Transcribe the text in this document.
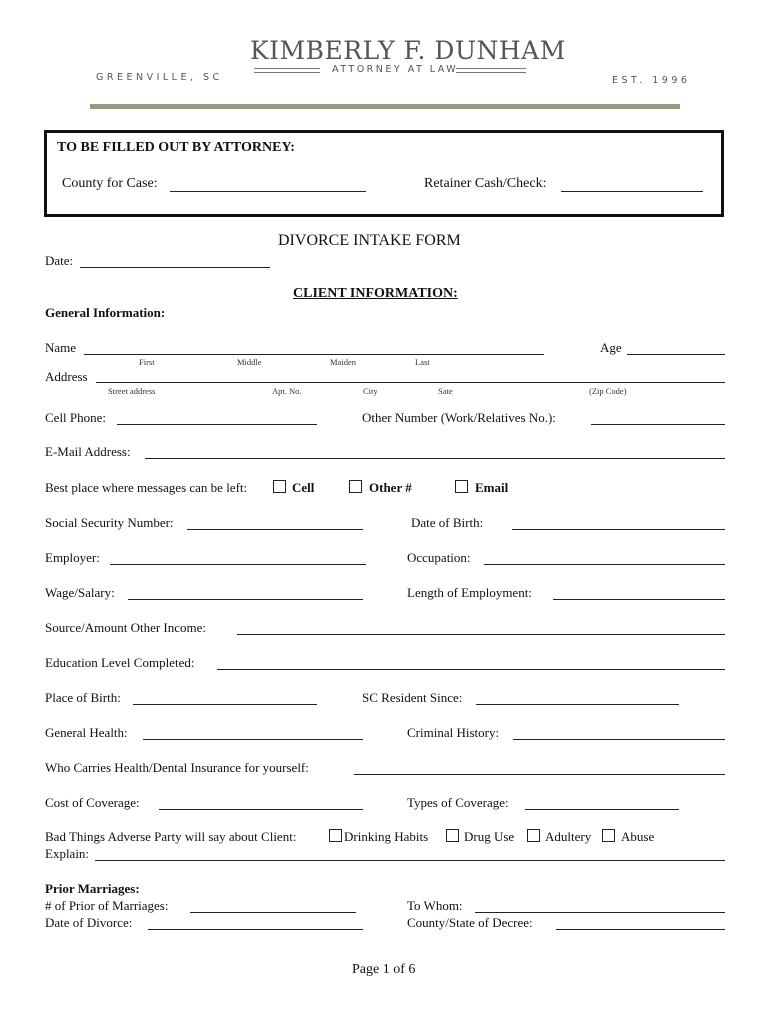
KIMBERLY F. DUNHAM
GREENVILLE, SC
ATTORNEY AT LAW
EST. 1996
TO BE FILLED OUT BY ATTORNEY:
County for Case:	Retainer Cash/Check:
DIVORCE INTAKE FORM
Date:
CLIENT INFORMATION:
General Information:
Name	Age
First	Middle	Maiden	Last
Address
Street address	Apt. No.	City	Sate	(Zip Code)
Cell Phone:	Other Number (Work/Relatives No.):
E-Mail Address:
Best place where messages can be left:	Cell	Other #	Email
Social Security Number:	Date of Birth:
Employer:	Occupation:
Wage/Salary:	Length of Employment:
Source/Amount Other Income:
Education Level Completed:
Place of Birth:	SC Resident Since:
General Health:	Criminal History:
Who Carries Health/Dental Insurance for yourself:
Cost of Coverage:	Types of Coverage:
Bad Things Adverse Party will say about Client:	Drinking Habits	Drug Use Adultery Abuse
Explain:
Prior Marriages:
# of Prior of Marriages:	To Whom:
Date of Divorce:	County/State of Decree:
Page 1 of 6
